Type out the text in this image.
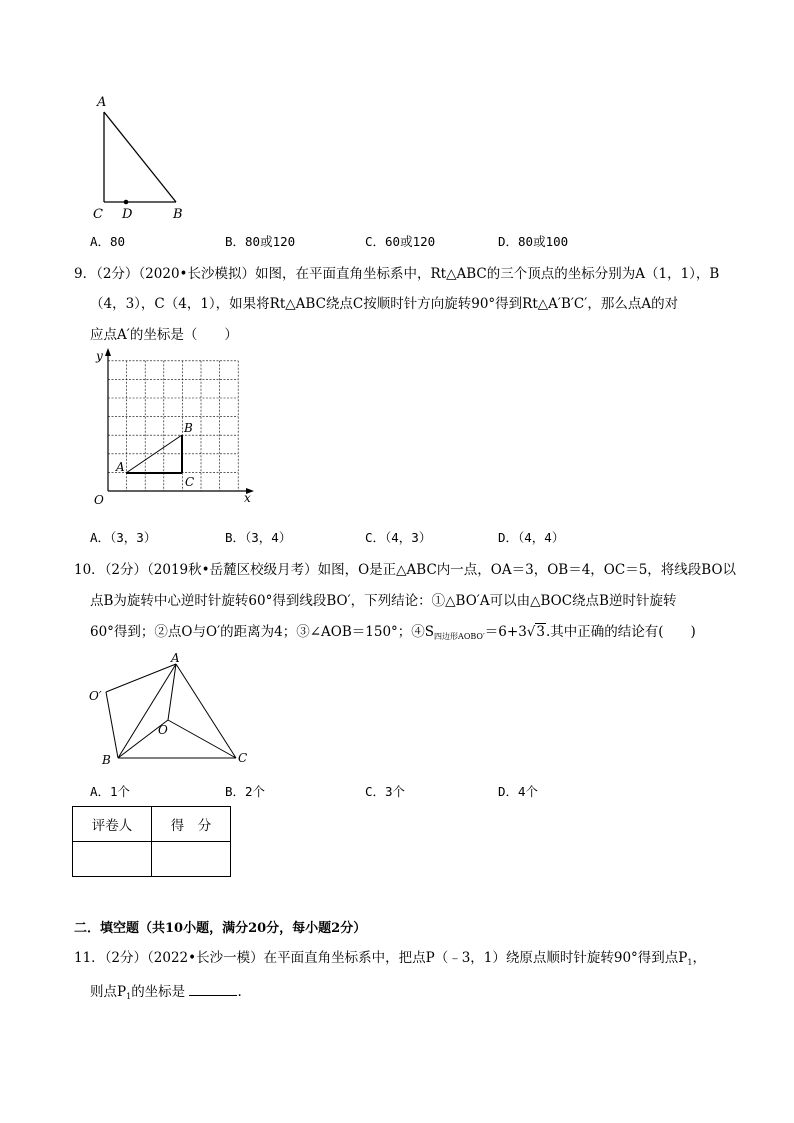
A
C D	B
A．80	B．80或120	C．60或120	D．80或100
9．（2分）（2020•长沙模拟）如图，在平面直角坐标系中，Rt△ABC的三个顶点的坐标分别为A（1，1），B
（4，3），C（4，1），如果将Rt△ABC绕点C按顺时针方向旋转90°得到Rt△A′B′C′，那么点A的对
应点A′的坐标是（　　）
y
x
O
A
B
C
A．（3，3）	B．（3，4）	C．（4，3）	D．（4，4）
10．（2分）（2019秋•岳麓区校级月考）如图，O是正△ABC内一点，OA＝3，OB＝4，OC＝5，将线段BO以
点B为旋转中心逆时针旋转60°得到线段BO′，下列结论：①△BO′A可以由△BOC绕点B逆时针旋转
60°得到；②点O与O′的距离为4；③∠AOB＝150°；$④S_{四边形AOBO'}=6+3√3$.其中正确的结论有(　　)
A
O′
O
B	C
A．1个	B．2个	C．3个	D．4个
评卷人	得　分

二．填空题（共10小题，满分20分，每小题2分）
11．（2分）（2022•长沙一模）在平面直角坐标系中，把点P（﹣3，1）绕原点顺时针旋转90°得到点$P_1$，
则点$P_1$的坐标是	.
